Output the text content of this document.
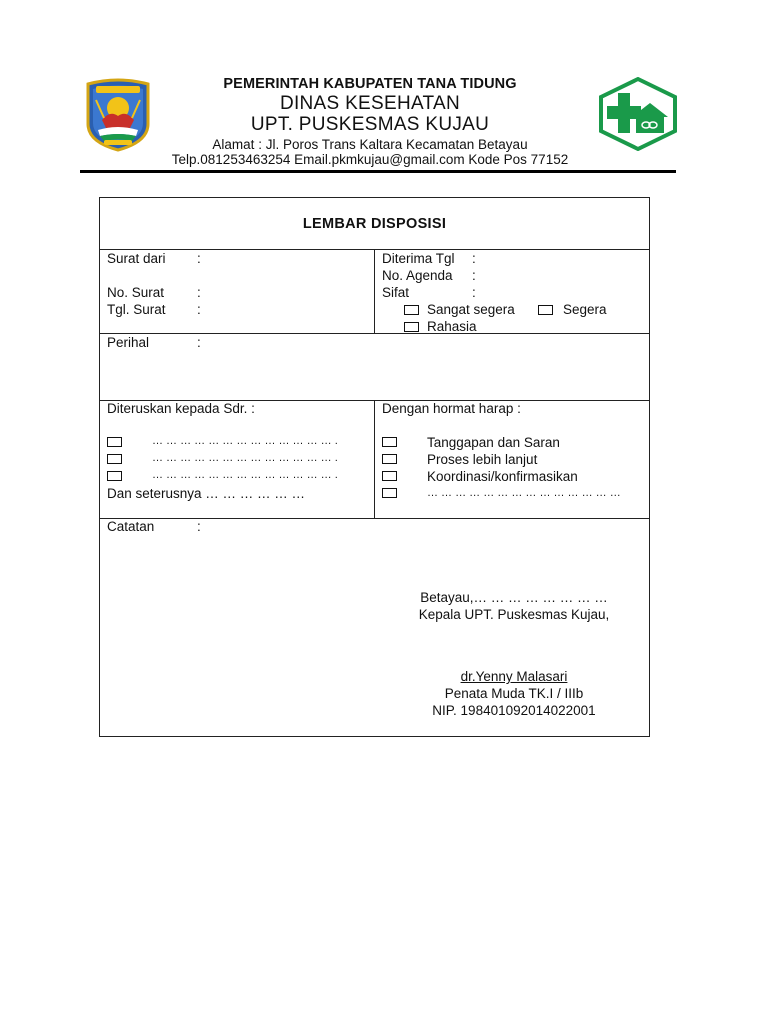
PEMERINTAH KABUPATEN TANA TIDUNG
DINAS KESEHATAN
UPT. PUSKESMAS KUJAU
Alamat : Jl. Poros Trans Kaltara Kecamatan Betayau
Telp.081253463254 Email.pkmkujau@gmail.com Kode Pos 77152
LEMBAR DISPOSISI
Surat dari :
No. Surat :
Tgl. Surat :
Diterima Tgl :
No. Agenda :
Sifat	:
Sangat segera	Segera
Rahasia
Perihal	:
Diteruskan kepada Sdr. :
… … … … … … … … … … … … … .
… … … … … … … … … … … … … .
… … … … … … … … … … … … … .
Dan seterusnya … … … … … …
Dengan hormat harap :
Tanggapan dan Saran
Proses lebih lanjut
Koordinasi/konfirmasikan
… … … … … … … … … … … … … …
Catatan	:
Betayau,… … … … … … … …
Kepala UPT. Puskesmas Kujau,
dr.Yenny Malasari
Penata Muda TK.I / IIIb
NIP. 198401092014022001
